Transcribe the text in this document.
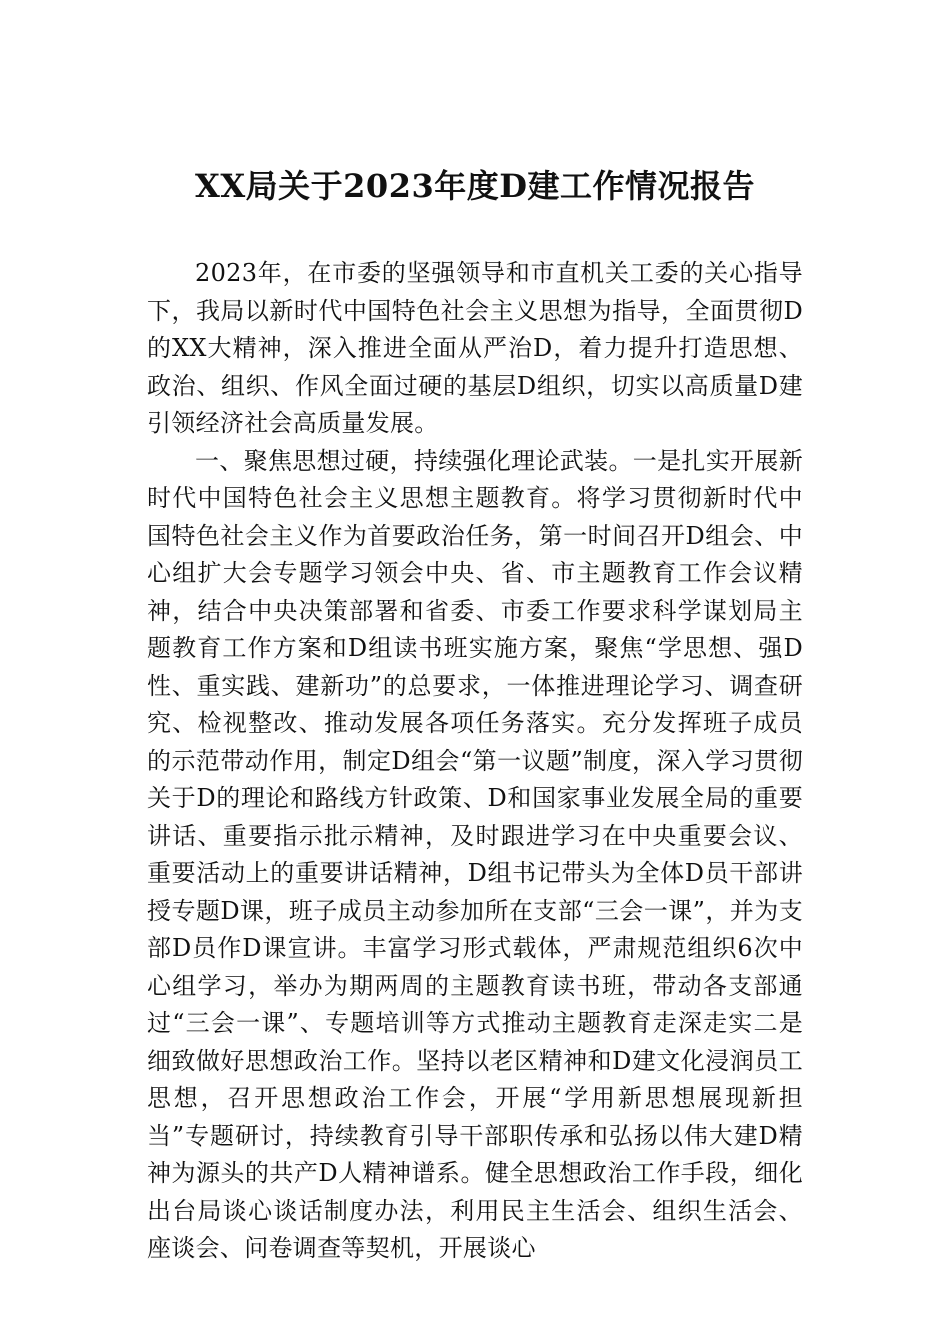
XX局关于2023年度D建工作情况报告

2023年，在市委的坚强领导和市直机关工委的关心指导下，我局以新时代中国特色社会主义思想为指导，全面贯彻D的XX大精神，深入推进全面从严治D，着力提升打造思想、政治、组织、作风全面过硬的基层D组织，切实以高质量D建引领经济社会高质量发展。

一、聚焦思想过硬，持续强化理论武装。一是扎实开展新时代中国特色社会主义思想主题教育。将学习贯彻新时代中国特色社会主义作为首要政治任务，第一时间召开D组会、中心组扩大会专题学习领会中央、省、市主题教育工作会议精神，结合中央决策部署和省委、市委工作要求科学谋划局主题教育工作方案和D组读书班实施方案，聚焦“学思想、强D性、重实践、建新功”的总要求，一体推进理论学习、调查研究、检视整改、推动发展各项任务落实。充分发挥班子成员的示范带动作用，制定D组会“第一议题”制度，深入学习贯彻关于D的理论和路线方针政策、D和国家事业发展全局的重要讲话、重要指示批示精神，及时跟进学习在中央重要会议、重要活动上的重要讲话精神，D组书记带头为全体D员干部讲授专题D课，班子成员主动参加所在支部“三会一课”，并为支部D员作D课宣讲。丰富学习形式载体，严肃规范组织6次中心组学习，举办为期两周的主题教育读书班，带动各支部通过“三会一课”、专题培训等方式推动主题教育走深走实二是细致做好思想政治工作。坚持以老区精神和D建文化浸润员工思想，召开思想政治工作会，开展“学用新思想展现新担当”专题研讨，持续教育引导干部职传承和弘扬以伟大建D精神为源头的共产D人精神谱系。健全思想政治工作手段，细化出台局谈心谈话制度办法，利用民主生活会、组织生活会、座谈会、问卷调查等契机，开展谈心
